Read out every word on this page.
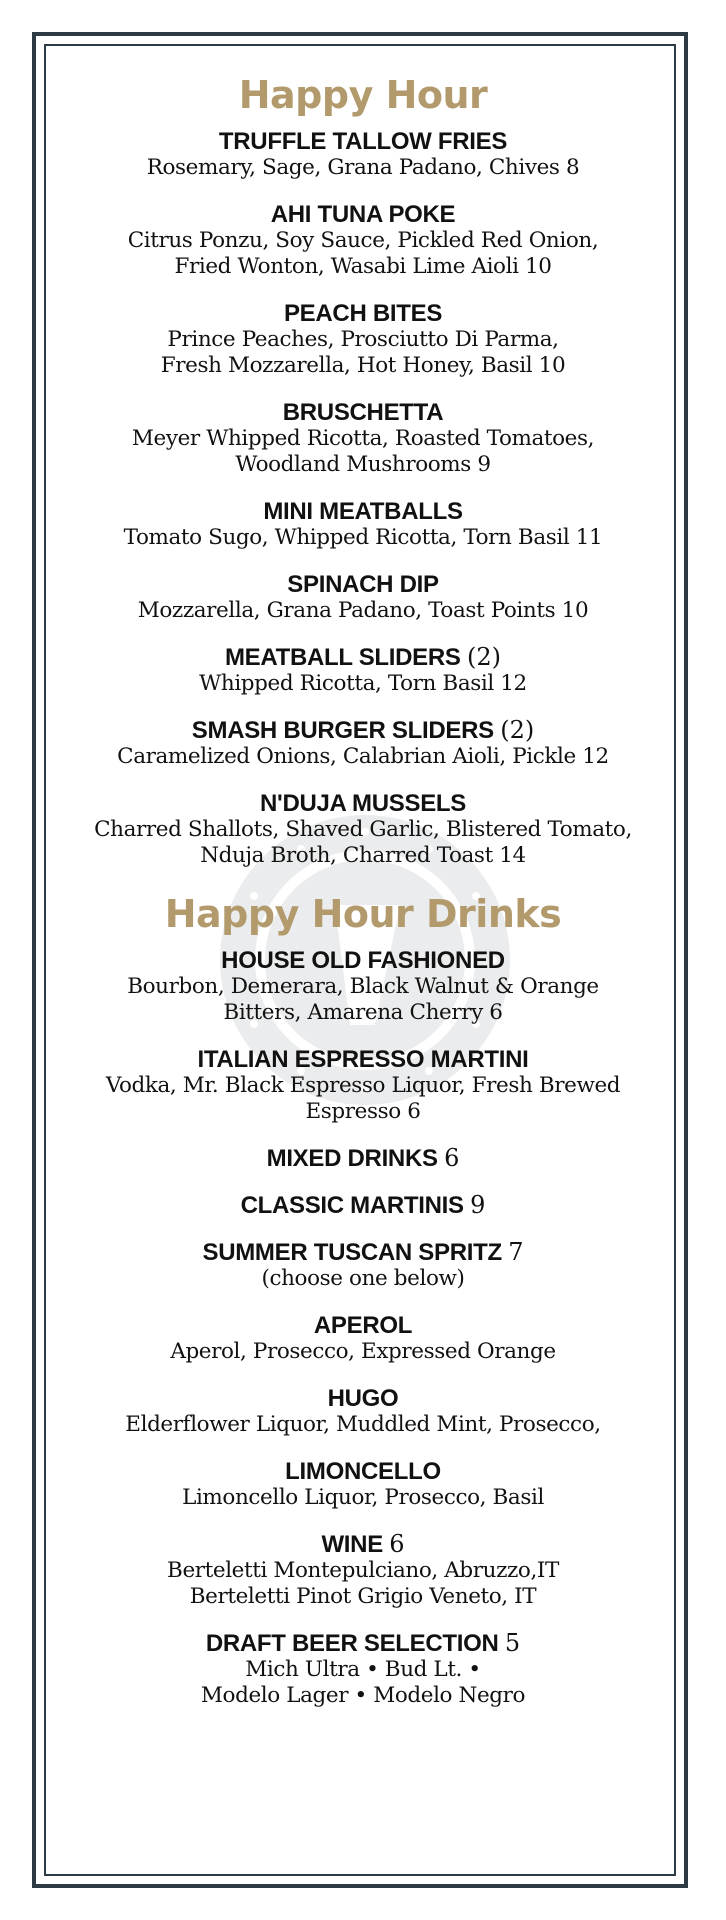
Happy Hour
TRUFFLE TALLOW FRIES
Rosemary, Sage, Grana Padano, Chives 8
AHI TUNA POKE
Citrus Ponzu, Soy Sauce, Pickled Red Onion,
Fried Wonton, Wasabi Lime Aioli 10
PEACH BITES
Prince Peaches, Prosciutto Di Parma,
Fresh Mozzarella, Hot Honey, Basil 10
BRUSCHETTA
Meyer Whipped Ricotta, Roasted Tomatoes,
Woodland Mushrooms 9
MINI MEATBALLS
Tomato Sugo, Whipped Ricotta, Torn Basil 11
SPINACH DIP
Mozzarella, Grana Padano, Toast Points 10
MEATBALL SLIDERS (2)
Whipped Ricotta, Torn Basil 12
SMASH BURGER SLIDERS (2)
Caramelized Onions, Calabrian Aioli, Pickle 12
N'DUJA MUSSELS
Charred Shallots, Shaved Garlic, Blistered Tomato,
Nduja Broth, Charred Toast 14
Happy Hour Drinks
HOUSE OLD FASHIONED
Bourbon, Demerara, Black Walnut & Orange
Bitters, Amarena Cherry 6
ITALIAN ESPRESSO MARTINI
Vodka, Mr. Black Espresso Liquor, Fresh Brewed
Espresso 6
MIXED DRINKS 6
CLASSIC MARTINIS 9
SUMMER TUSCAN SPRITZ 7
(choose one below)
APEROL
Aperol, Prosecco, Expressed Orange
HUGO
Elderflower Liquor, Muddled Mint, Prosecco,
LIMONCELLO
Limoncello Liquor, Prosecco, Basil
WINE 6
Berteletti Montepulciano, Abruzzo,IT
Berteletti Pinot Grigio Veneto, IT
DRAFT BEER SELECTION 5
Mich Ultra • Bud Lt. •
Modelo Lager • Modelo Negro
